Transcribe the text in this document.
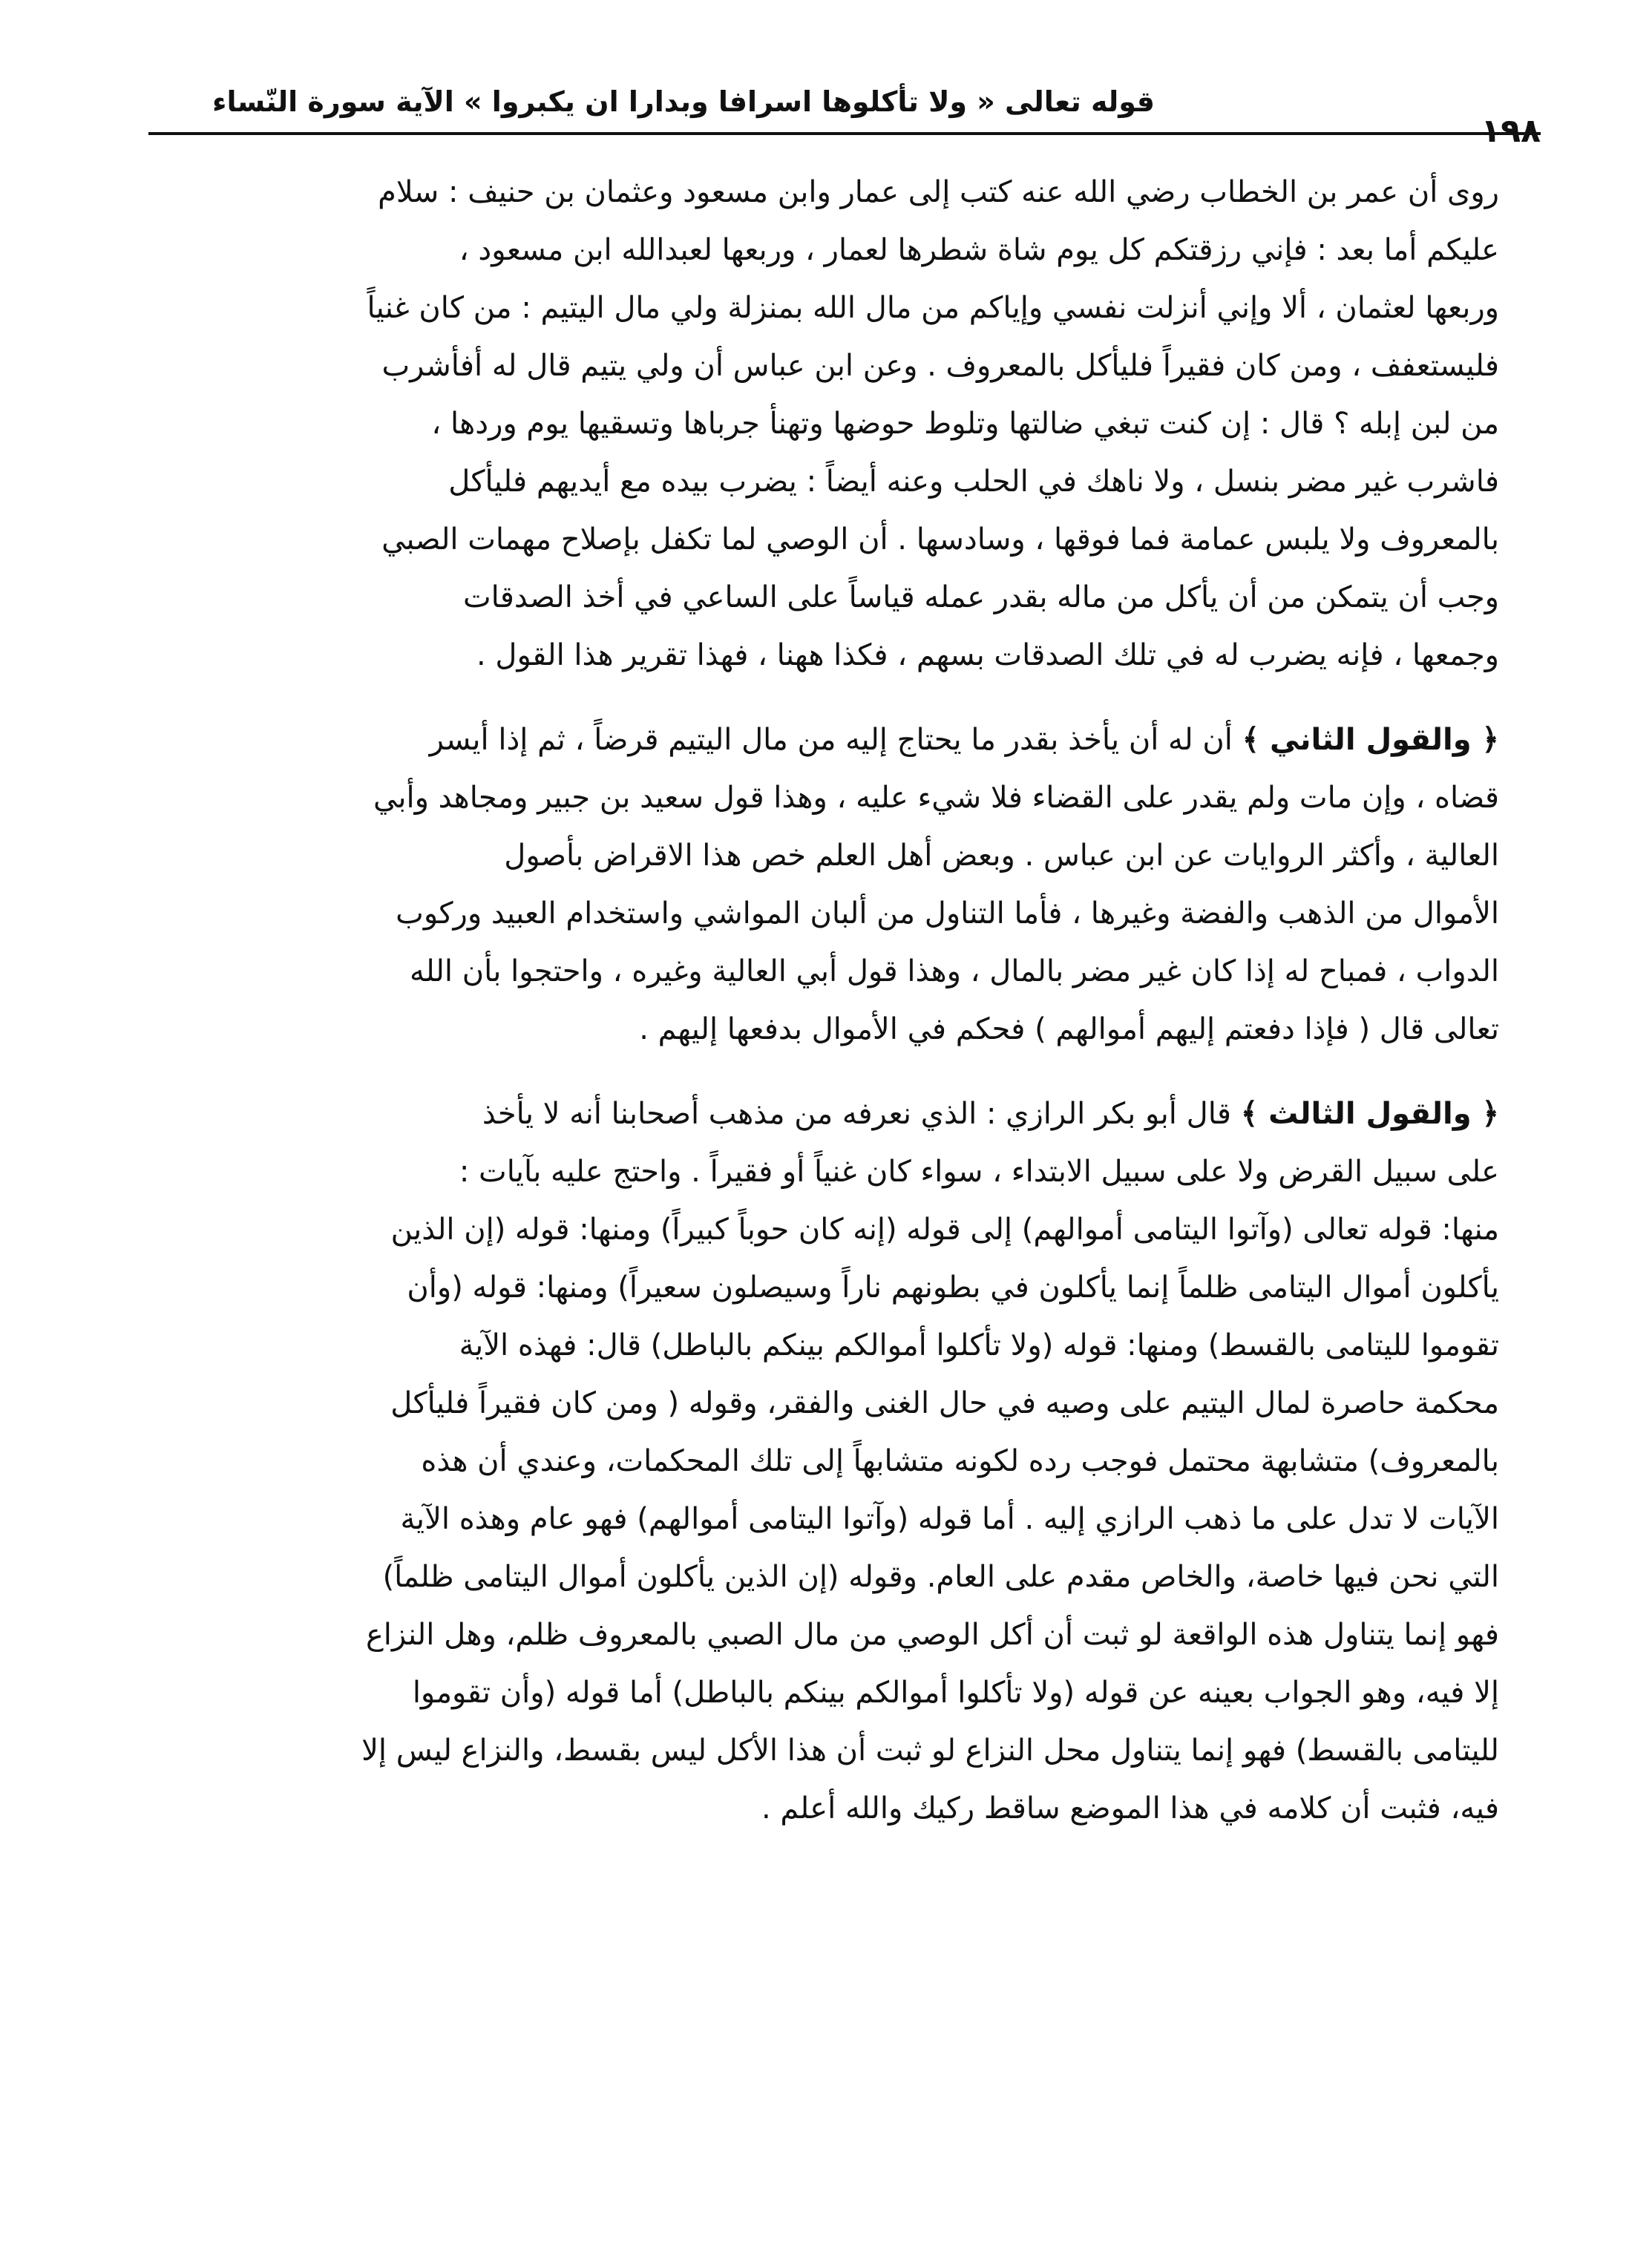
١٩٨
قوله تعالى « ولا تأكلوها اسرافا وبدارا ان يكبروا » الآية سورة النّساء
روى أن عمر بن الخطاب رضي الله عنه كتب إلى عمار وابن مسعود وعثمان بن حنيف : سلام
عليكم أما بعد : فإني رزقتكم كل يوم شاة شطرها لعمار ، وربعها لعبدالله ابن مسعود ،
وربعها لعثمان ، ألا وإني أنزلت نفسي وإياكم من مال الله بمنزلة ولي مال اليتيم : من كان غنياً
فليستعفف ، ومن كان فقيراً فليأكل بالمعروف . وعن ابن عباس أن ولي يتيم قال له أفأشرب
من لبن إبله ؟ قال : إن كنت تبغي ضالتها وتلوط حوضها وتهنأ جرباها وتسقيها يوم وردها ،
فاشرب غير مضر بنسل ، ولا ناهك في الحلب وعنه أيضاً : يضرب بيده مع أيديهم فليأكل
بالمعروف ولا يلبس عمامة فما فوقها ، وسادسها . أن الوصي لما تكفل بإصلاح مهمات الصبي
وجب أن يتمكن من أن يأكل من ماله بقدر عمله قياساً على الساعي في أخذ الصدقات
وجمعها ، فإنه يضرب له في تلك الصدقات بسهم ، فكذا ههنا ، فهذا تقرير هذا القول .
﴿ والقول الثاني ﴾ أن له أن يأخذ بقدر ما يحتاج إليه من مال اليتيم قرضاً ، ثم إذا أيسر
قضاه ، وإن مات ولم يقدر على القضاء فلا شيء عليه ، وهذا قول سعيد بن جبير ومجاهد وأبي
العالية ، وأكثر الروايات عن ابن عباس . وبعض أهل العلم خص هذا الاقراض بأصول
الأموال من الذهب والفضة وغيرها ، فأما التناول من ألبان المواشي واستخدام العبيد وركوب
الدواب ، فمباح له إذا كان غير مضر بالمال ، وهذا قول أبي العالية وغيره ، واحتجوا بأن الله
تعالى قال ( فإذا دفعتم إليهم أموالهم ) فحكم في الأموال بدفعها إليهم .
﴿ والقول الثالث ﴾ قال أبو بكر الرازي : الذي نعرفه من مذهب أصحابنا أنه لا يأخذ
على سبيل القرض ولا على سبيل الابتداء ، سواء كان غنياً أو فقيراً . واحتج عليه بآيات :
منها: قوله تعالى (وآتوا اليتامى أموالهم) إلى قوله (إنه كان حوباً كبيراً) ومنها: قوله (إن الذين
يأكلون أموال اليتامى ظلماً إنما يأكلون في بطونهم ناراً وسيصلون سعيراً) ومنها: قوله (وأن
تقوموا لليتامى بالقسط) ومنها: قوله (ولا تأكلوا أموالكم بينكم بالباطل) قال: فهذه الآية
محكمة حاصرة لمال اليتيم على وصيه في حال الغنى والفقر، وقوله ( ومن كان فقيراً فليأكل
بالمعروف) متشابهة محتمل فوجب رده لكونه متشابهاً إلى تلك المحكمات، وعندي أن هذه
الآيات لا تدل على ما ذهب الرازي إليه . أما قوله (وآتوا اليتامى أموالهم) فهو عام وهذه الآية
التي نحن فيها خاصة، والخاص مقدم على العام. وقوله (إن الذين يأكلون أموال اليتامى ظلماً)
فهو إنما يتناول هذه الواقعة لو ثبت أن أكل الوصي من مال الصبي بالمعروف ظلم، وهل النزاع
إلا فيه، وهو الجواب بعينه عن قوله (ولا تأكلوا أموالكم بينكم بالباطل) أما قوله (وأن تقوموا
لليتامى بالقسط) فهو إنما يتناول محل النزاع لو ثبت أن هذا الأكل ليس بقسط، والنزاع ليس إلا
فيه، فثبت أن كلامه في هذا الموضع ساقط ركيك والله أعلم .
